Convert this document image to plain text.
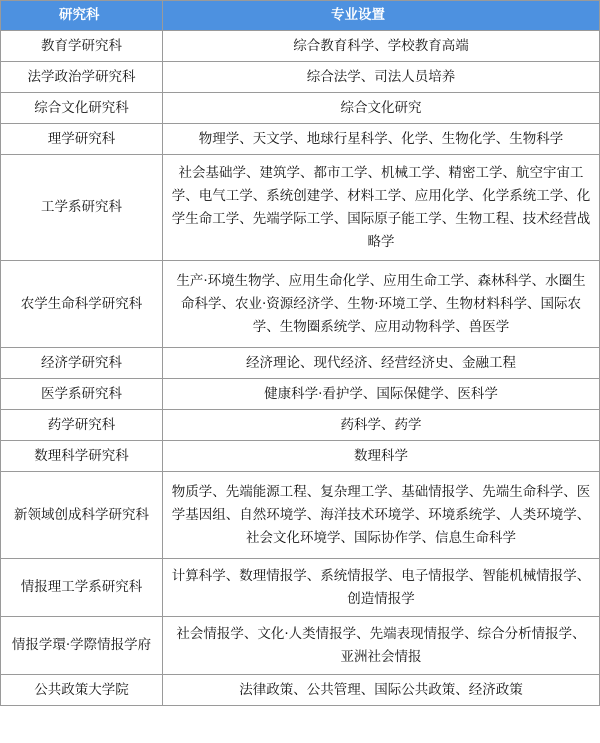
研究科	专业设置
教育学研究科	综合教育科学、学校教育高端
法学政治学研究科	综合法学、司法人员培养
综合文化研究科	综合文化研究
理学研究科	物理学、天文学、地球行星科学、化学、生物化学、生物科学
工学系研究科	社会基础学、建筑学、都市工学、机械工学、精密工学、航空宇宙工学、电气工学、系统创建学、材料工学、应用化学、化学系统工学、化学生命工学、先端学际工学、国际原子能工学、生物工程、技术经营战略学
农学生命科学研究科	生产·环境生物学、应用生命化学、应用生命工学、森林科学、水圈生命科学、农业·资源经济学、生物·环境工学、生物材料科学、国际农学、生物圈系统学、应用动物科学、兽医学
经济学研究科	经济理论、现代经济、经营经济史、金融工程
医学系研究科	健康科学·看护学、国际保健学、医科学
药学研究科	药科学、药学
数理科学研究科	数理科学
新领域创成科学研究科	物质学、先端能源工程、复杂理工学、基础情报学、先端生命科学、医学基因组、自然环境学、海洋技术环境学、环境系统学、人类环境学、社会文化环境学、国际协作学、信息生命科学
情报理工学系研究科	计算科学、数理情报学、系统情报学、电子情报学、智能机械情报学、创造情报学
情报学環·学際情报学府	社会情报学、文化·人类情报学、先端表现情报学、综合分析情报学、亚洲社会情报
公共政策大学院	法律政策、公共管理、国际公共政策、经济政策
